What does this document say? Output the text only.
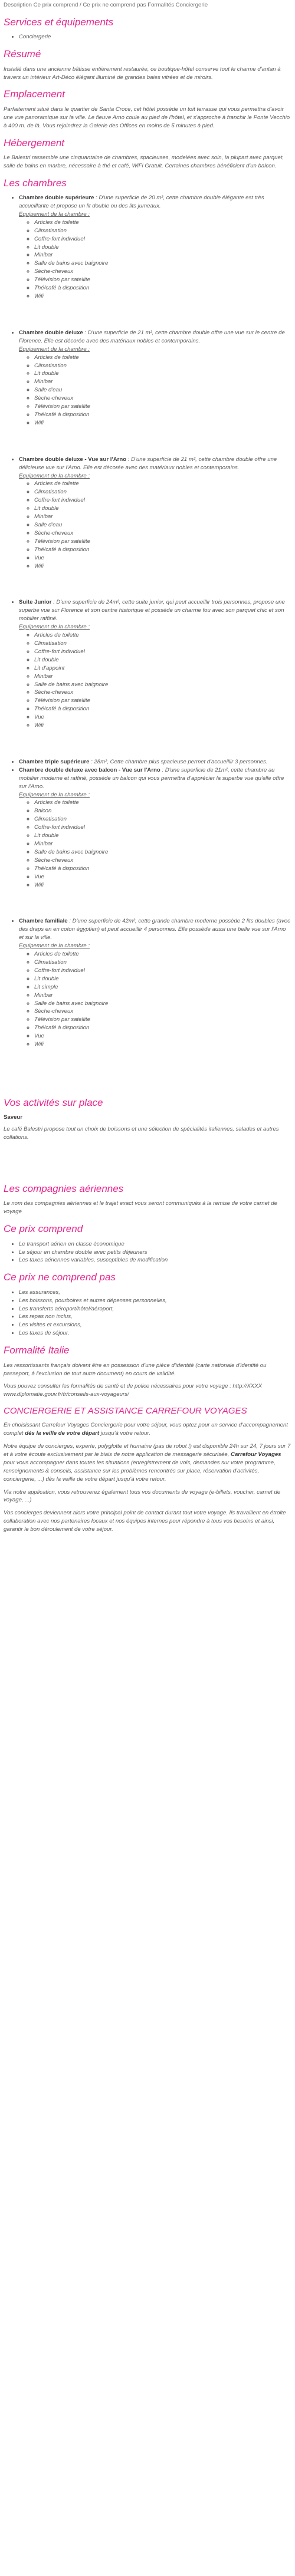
Description Ce prix comprend / Ce prix ne comprend pas Formalités Conciergerie
Services et équipements
• Conciergerie
Résumé

Installé dans une ancienne bâtisse entièrement restaurée, ce boutique-hôtel conserve tout le charme d'antan à travers un intérieur Art-Déco élégant illuminé de grandes baies vitrées et de miroirs.

Emplacement

Parfaitement situé dans le quartier de Santa Croce, cet hôtel possède un toit terrasse qui vous permettra d'avoir une vue panoramique sur la ville. Le fleuve Arno coule au pied de l'hôtel, et s'approche à franchir le Ponte Vecchio à 400 m. de là. Vous rejoindrez la Galerie des Offices en moins de 5 minutes à pied.

Hébergement

Le Balestri rassemble une cinquantaine de chambres, spacieuses, modelées avec soin, la plupart avec parquet, salle de bains en marbre, nécessaire à thé et café, WiFi Gratuit. Certaines chambres bénéficient d'un balcon.

Les chambres
• Chambre double supérieure : D'une superficie de 20 m², cette chambre double élégante est très accueillante et propose un lit double ou des lits jumeaux.
Equipement de la chambre :
◦ Articles de toilette
◦ Climatisation
◦ Coffre-fort individuel
◦ Lit double
◦ Minibar
◦ Salle de bains avec baignoire
◦ Sèche-cheveux
◦ Télévision par satellite
◦ Thé/café à disposition
◦ Wifi
• Chambre double deluxe : D'une superficie de 21 m², cette chambre double offre une vue sur le centre de Florence. Elle est décorée avec des matériaux nobles et contemporains.
Equipement de la chambre :
◦ Articles de toilette
◦ Climatisation
◦ Lit double
◦ Minibar
◦ Salle d'eau
◦ Sèche-cheveux
◦ Télévision par satellite
◦ Thé/café à disposition
◦ Wifi
• Chambre double deluxe - Vue sur l'Arno : D'une superficie de 21 m², cette chambre double offre une délicieuse vue sur l'Arno. Elle est décorée avec des matériaux nobles et contemporains.
Equipement de la chambre :
◦ Articles de toilette
◦ Climatisation
◦ Coffre-fort individuel
◦ Lit double
◦ Minibar
◦ Salle d'eau
◦ Sèche-cheveux
◦ Télévision par satellite
◦ Thé/café à disposition
◦ Vue
◦ Wifi
• Suite Junior : D'une superficie de 24m², cette suite junior, qui peut accueillir trois personnes, propose une superbe vue sur Florence et son centre historique et possède un charme fou avec son parquet chic et son mobilier raffiné.
Equipement de la chambre :
◦ Articles de toilette
◦ Climatisation
◦ Coffre-fort individuel
◦ Lit double
◦ Lit d'appoint
◦ Minibar
◦ Salle de bains avec baignoire
◦ Sèche-cheveux
◦ Télévision par satellite
◦ Thé/café à disposition
◦ Vue
◦ Wifi
• Chambre triple supérieure : 28m², Cette chambre plus spacieuse permet d'accueillir 3 personnes.
• Chambre double deluxe avec balcon - Vue sur l'Arno : D'une superficie de 21m², cette chambre au mobilier moderne et raffiné, possède un balcon qui vous permettra d'apprécier la superbe vue qu'elle offre sur l'Arno.
Equipement de la chambre :
◦ Articles de toilette
◦ Balcon
◦ Climatisation
◦ Coffre-fort individuel
◦ Lit double
◦ Minibar
◦ Salle de bains avec baignoire
◦ Sèche-cheveux
◦ Thé/café à disposition
◦ Vue
◦ Wifi
• Chambre familiale : D'une superficie de 42m², cette grande chambre moderne possède 2 lits doubles (avec des draps en en coton égyptien) et peut accueillir 4 personnes. Elle possède aussi une belle vue sur l'Arno et sur la ville.
Equipement de la chambre :
◦ Articles de toilette
◦ Climatisation
◦ Coffre-fort individuel
◦ Lit double
◦ Lit simple
◦ Minibar
◦ Salle de bains avec baignoire
◦ Sèche-cheveux
◦ Télévision par satellite
◦ Thé/café à disposition
◦ Vue
◦ Wifi
Vos activités sur place
Saveur

Le café Balestri propose tout un choix de boissons et une sélection de spécialités italiennes, salades et autres collations.

Les compagnies aériennes

Le nom des compagnies aériennes et le trajet exact vous seront communiqués à la remise de votre carnet de voyage

Ce prix comprend
• Le transport aérien en classe économique
• Le séjour en chambre double avec petits déjeuners
• Les taxes aériennes variables, susceptibles de modification
Ce prix ne comprend pas
• Les assurances,
• Les boissons, pourboires et autres dépenses personnelles,
• Les transferts aéroport/hôtel/aéroport,
• Les repas non inclus,
• Les visites et excursions,
• Les taxes de séjour.
Formalité Italie

Les ressortissants français doivent être en possession d'une pièce d'identité (carte nationale d'identité ou passeport, à l'exclusion de tout autre document) en cours de validité.

Vous pouvez consulter les formalités de santé et de police nécessaires pour votre voyage : http://XXXX www.diplomatie.gouv.fr/fr/conseils-aux-voyageurs/

CONCIERGERIE ET ASSISTANCE CARREFOUR VOYAGES

En choisissant Carrefour Voyages Conciergerie pour votre séjour, vous optez pour un service d'accompagnement complet dès la veille de votre départ jusqu'à votre retour.

Notre équipe de concierges, experte, polyglotte et humaine (pas de robot !) est disponible 24h sur 24, 7 jours sur 7 et à votre écoute exclusivement par le biais de notre application de messagerie sécurisée, Carrefour Voyages pour vous accompagner dans toutes les situations (enregistrement de vols, demandes sur votre programme, renseignements & conseils, assistance sur les problèmes rencontrés sur place, réservation d'activités, conciergerie, ...) dès la veille de votre départ jusqu'à votre retour.

Via notre application, vous retrouverez également tous vos documents de voyage (e-billets, voucher, carnet de voyage, ...)

Vos concierges deviennent alors votre principal point de contact durant tout votre voyage. Ils travaillent en étroite collaboration avec nos partenaires locaux et nos équipes internes pour répondre à tous vos besoins et ainsi, garantir le bon déroulement de votre séjour.
